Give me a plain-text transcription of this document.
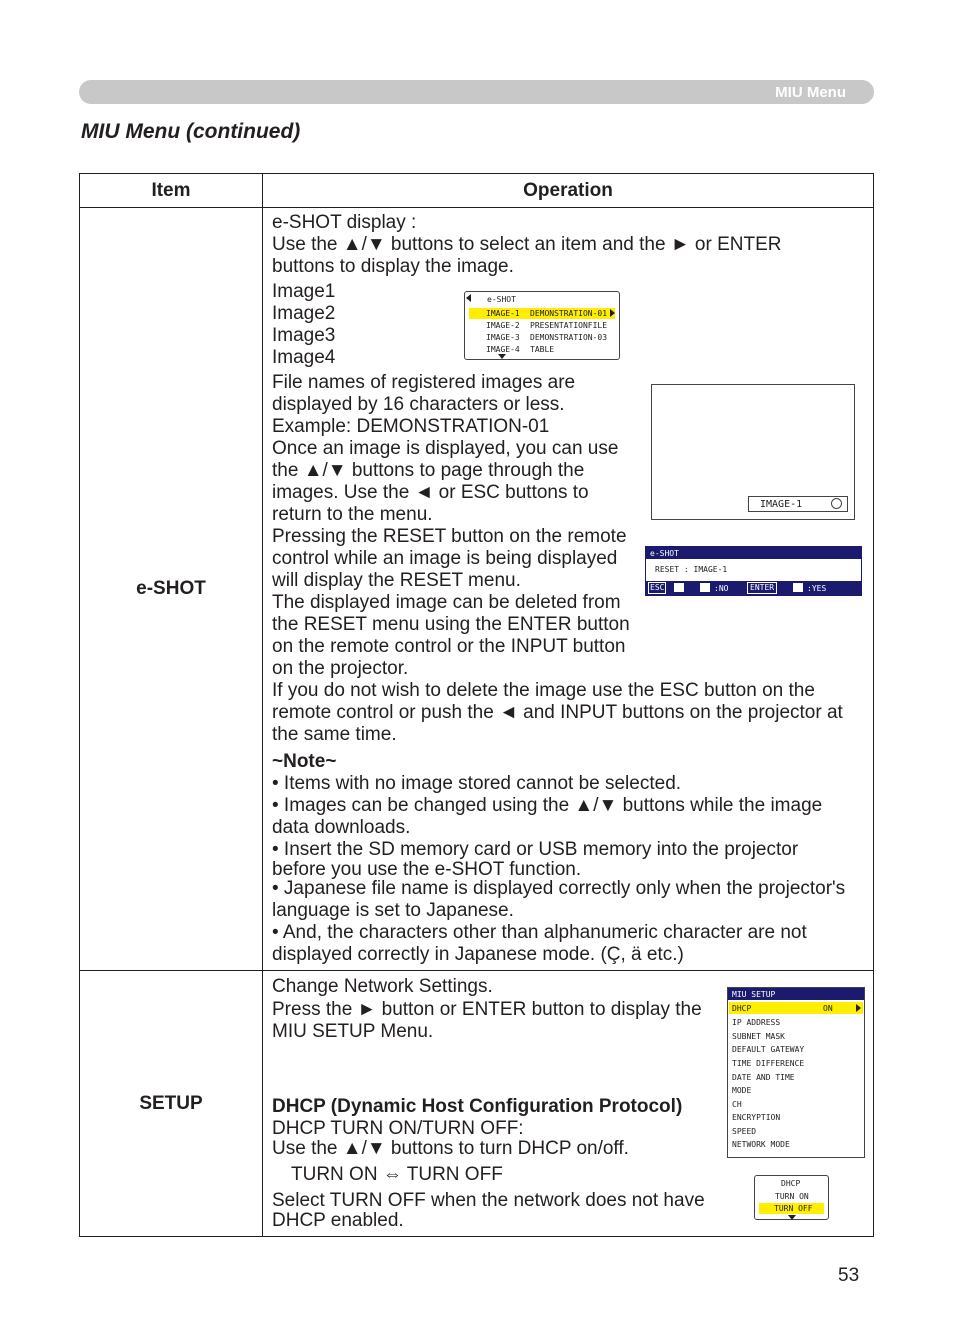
MIU Menu
MIU Menu (continued)
Item	Operation
e-SHOT
e-SHOT display :
Use the ▲/▼ buttons to select an item and the ► or ENTER
buttons to display the image.
Image1
Image2
Image3
Image4
File names of registered images are
displayed by 16 characters or less.
Example: DEMONSTRATION-01
Once an image is displayed, you can use
the ▲/▼ buttons to page through the
images. Use the ◄ or ESC buttons to
return to the menu.
Pressing the RESET button on the remote
control while an image is being displayed
will display the RESET menu.
The displayed image can be deleted from
the RESET menu using the ENTER button
on the remote control or the INPUT button
on the projector.
If you do not wish to delete the image use the ESC button on the
remote control or push the ◄ and INPUT buttons on the projector at
the same time.
~Note~
• Items with no image stored cannot be selected.
• Images can be changed using the ▲/▼ buttons while the image
data downloads.
• Insert the SD memory card or USB memory into the projector
before you use the e-SHOT function.
• Japanese file name is displayed correctly only when the projector's
language is set to Japanese.
• And, the characters other than alphanumeric character are not
displayed correctly in Japanese mode. (Ç, ä etc.)
SETUP
Change Network Settings.
Press the ► button or ENTER button to display the
MIU SETUP Menu.
DHCP (Dynamic Host Configuration Protocol)
DHCP TURN ON/TURN OFF:
Use the ▲/▼ buttons to turn DHCP on/off.
TURN ON ⇔ TURN OFF
Select TURN OFF when the network does not have
DHCP enabled.
e-SHOT
IMAGE-1 DEMONSTRATION-01
IMAGE-2 PRESENTATIONFILE
IMAGE-3 DEMONSTRATION-03
IMAGE-4 TABLE

IMAGE-1

e-SHOT

RESET : IMAGE-1

ESC

	:NO

	ENTER

	:YES

MIU SETUP

DHCP

	ON

IP ADDRESS
SUBNET MASK
DEFAULT GATEWAY
TIME DIFFERENCE
DATE AND TIME
MODE
CH
ENCRYPTION
SPEED
NETWORK MODE
DHCP
TURN ON

TURN OFF

53
